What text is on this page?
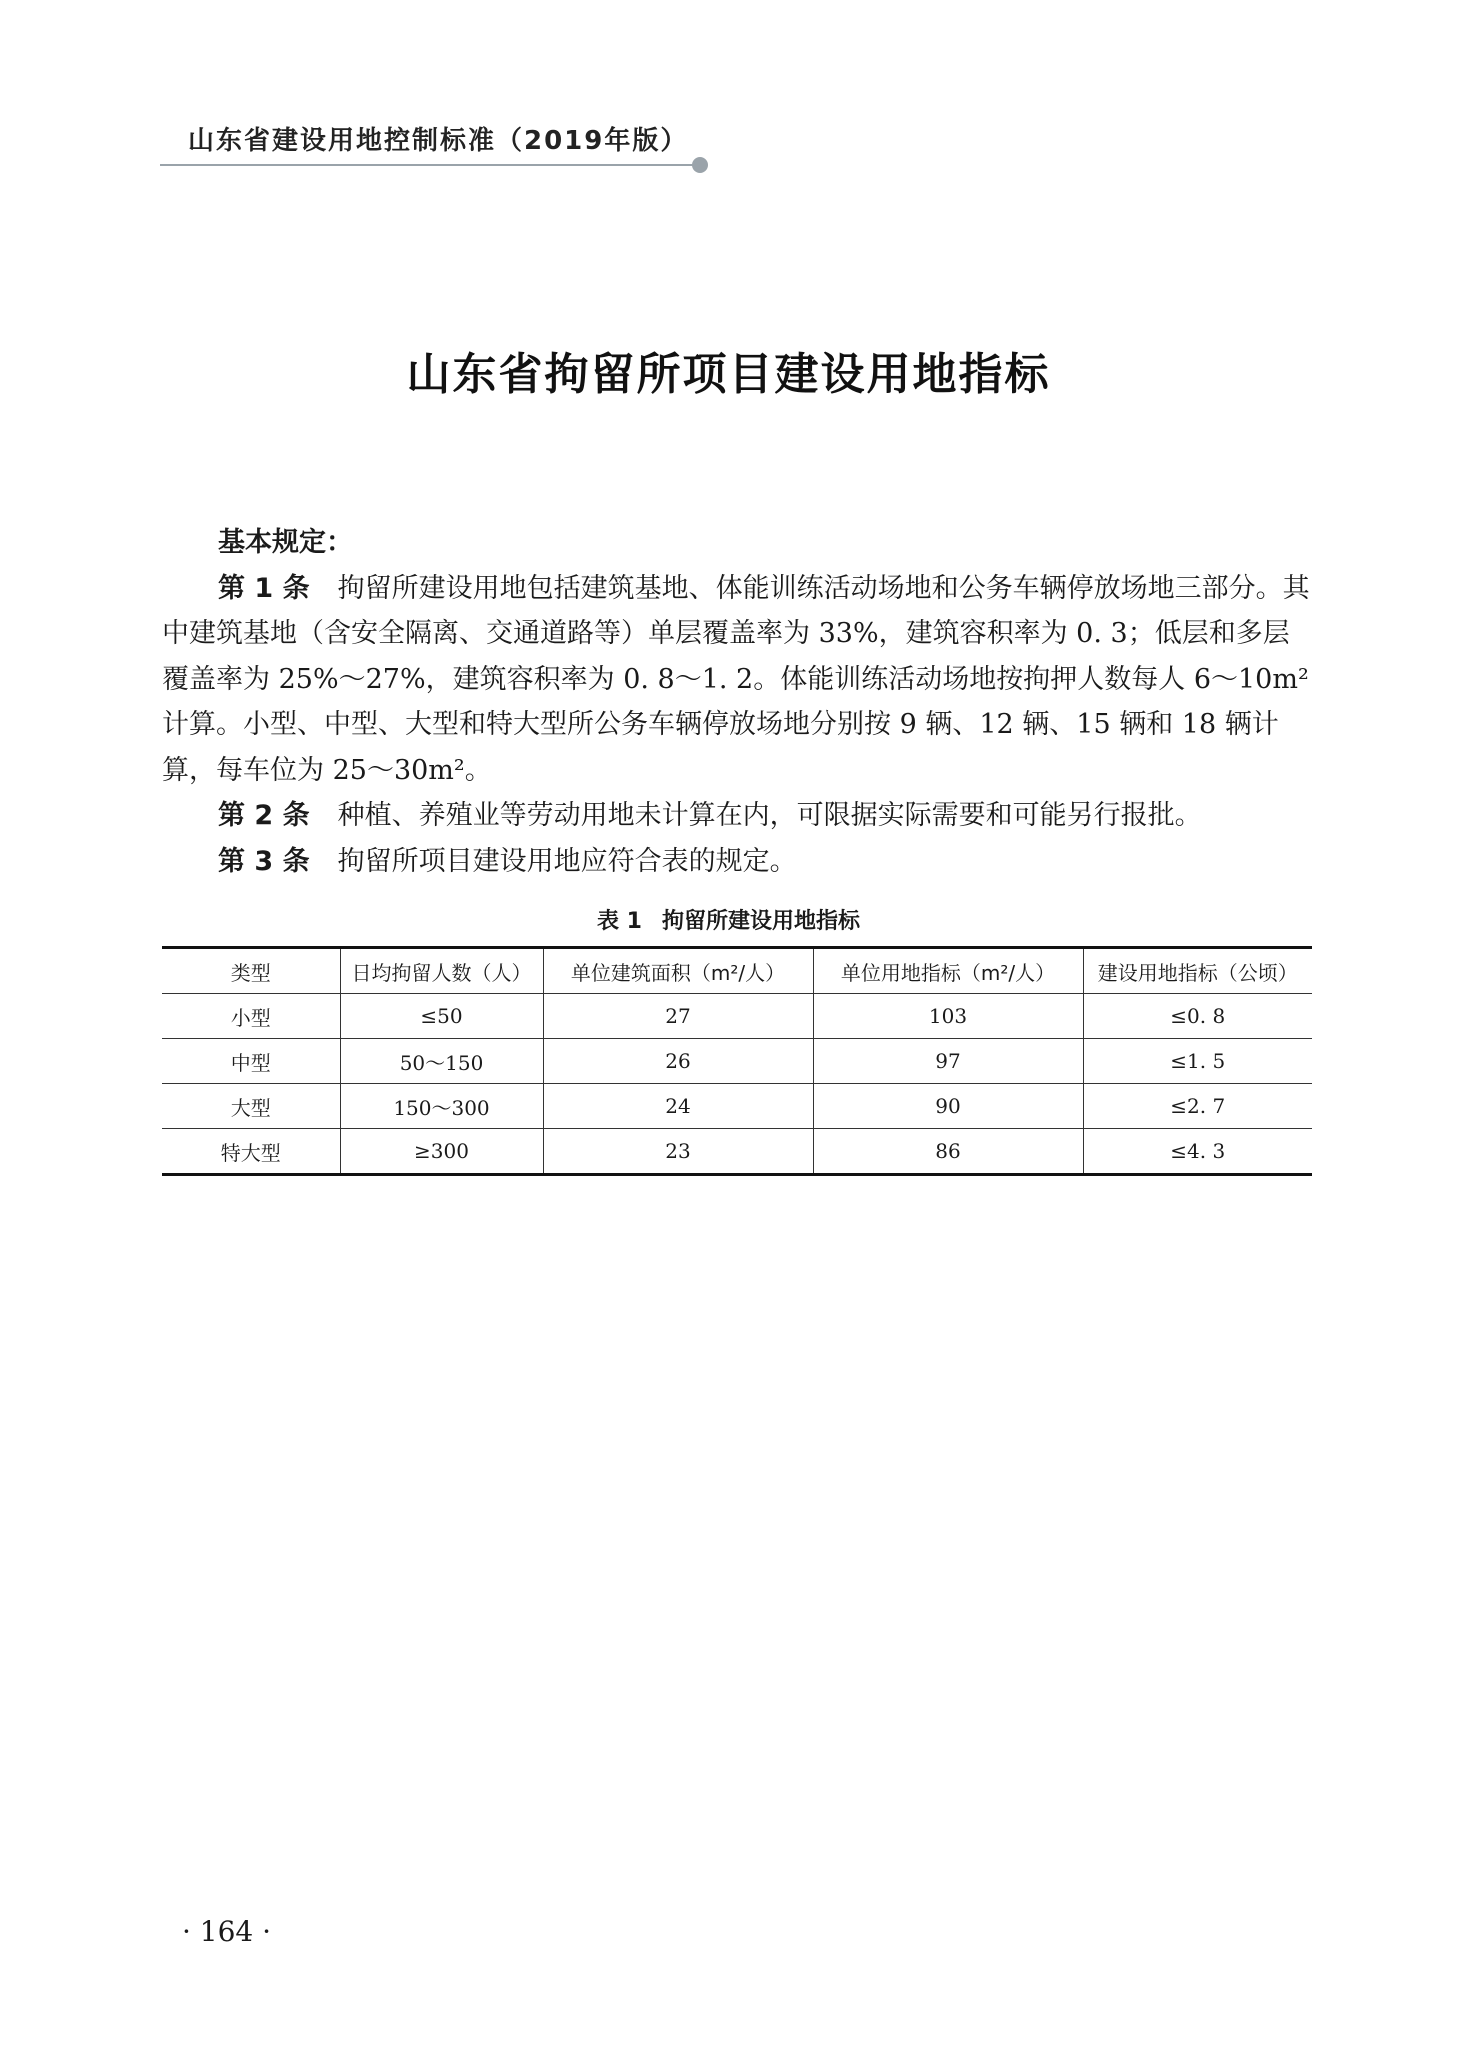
山东省建设用地控制标准（2019年版）
山东省拘留所项目建设用地指标

基本规定：

第 1 条 拘留所建设用地包括建筑基地、体能训练活动场地和公务车辆停放场地三部分。其中建筑基地（含安全隔离、交通道路等）单层覆盖率为 33%，建筑容积率为 0. 3；低层和多层覆盖率为 25%～27%，建筑容积率为 0. 8～1. 2。体能训练活动场地按拘押人数每人 6～10m² 计算。小型、中型、大型和特大型所公务车辆停放场地分别按 9 辆、12 辆、15 辆和 18 辆计算，每车位为 25～30m²。

第 2 条 种植、养殖业等劳动用地未计算在内，可限据实际需要和可能另行报批。

第 3 条 拘留所项目建设用地应符合表的规定。

表 1 拘留所建设用地指标
类型	日均拘留人数（人）	单位建筑面积（m²/人）	单位用地指标（m²/人）	建设用地指标（公顷）
小型	≤50	27	103	≤0. 8
中型	50～150	26	97	≤1. 5
大型	150～300	24	90	≤2. 7
特大型	≥300	23	86	≤4. 3
· 164 ·
